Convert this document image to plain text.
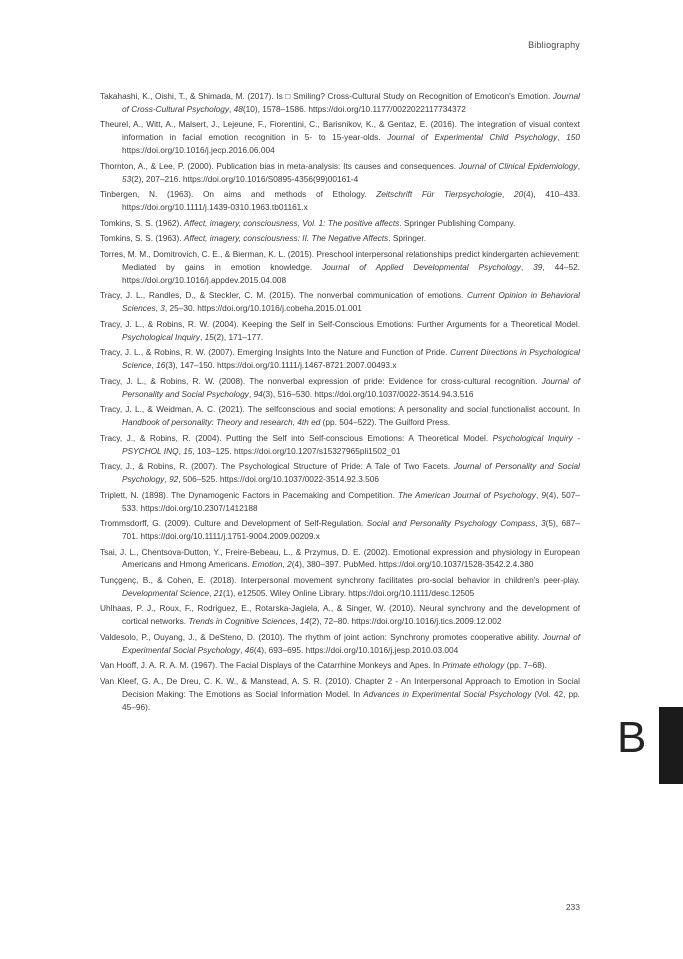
Bibliography
Takahashi, K., Oishi, T., & Shimada, M. (2017). Is □ Smiling? Cross-Cultural Study on Recognition of Emoticon's Emotion. Journal of Cross-Cultural Psychology, 48(10), 1578–1586. https://doi.org/10.1177/0022022117734372
Theurel, A., Witt, A., Malsert, J., Lejeune, F., Fiorentini, C., Barisnikov, K., & Gentaz, E. (2016). The integration of visual context information in facial emotion recognition in 5- to 15-year-olds. Journal of Experimental Child Psychology, 150 https://doi.org/10.1016/j.jecp.2016.06.004
Thornton, A., & Lee, P. (2000). Publication bias in meta-analysis: Its causes and consequences. Journal of Clinical Epidemiology, 53(2), 207–216. https://doi.org/10.1016/S0895-4356(99)00161-4
Tinbergen, N. (1963). On aims and methods of Ethology. Zeitschrift Für Tierpsychologie, 20(4), 410–433. https://doi.org/10.1111/j.1439-0310.1963.tb01161.x
Tomkins, S. S. (1962). Affect, imagery, consciousness, Vol. 1: The positive affects. Springer Publishing Company.
Tomkins, S. S. (1963). Affect, imagery, consciousness: II. The Negative Affects. Springer.
Torres, M. M., Domitrovich, C. E., & Bierman, K. L. (2015). Preschool interpersonal relationships predict kindergarten achievement: Mediated by gains in emotion knowledge. Journal of Applied Developmental Psychology, 39, 44–52. https://doi.org/10.1016/j.appdev.2015.04.008
Tracy, J. L., Randles, D., & Steckler, C. M. (2015). The nonverbal communication of emotions. Current Opinion in Behavioral Sciences, 3, 25–30. https://doi.org/10.1016/j.cobeha.2015.01.001
Tracy, J. L., & Robins, R. W. (2004). Keeping the Self in Self-Conscious Emotions: Further Arguments for a Theoretical Model. Psychological Inquiry, 15(2), 171–177.
Tracy, J. L., & Robins, R. W. (2007). Emerging Insights Into the Nature and Function of Pride. Current Directions in Psychological Science, 16(3), 147–150. https://doi.org/10.1111/j.1467-8721.2007.00493.x
Tracy, J. L., & Robins, R. W. (2008). The nonverbal expression of pride: Evidence for cross-cultural recognition. Journal of Personality and Social Psychology, 94(3), 516–530. https://doi.org/10.1037/0022-3514.94.3.516
Tracy, J. L., & Weidman, A. C. (2021). The selfconscious and social emotions: A personality and social functionalist account. In Handbook of personality: Theory and research, 4th ed (pp. 504–522). The Guilford Press.
Tracy, J., & Robins, R. (2004). Putting the Self into Self-conscious Emotions: A Theoretical Model. Psychological Inquiry - PSYCHOL INQ, 15, 103–125. https://doi.org/10.1207/s15327965pli1502_01
Tracy, J., & Robins, R. (2007). The Psychological Structure of Pride: A Tale of Two Facets. Journal of Personality and Social Psychology, 92, 506–525. https://doi.org/10.1037/0022-3514.92.3.506
Triplett, N. (1898). The Dynamogenic Factors in Pacemaking and Competition. The American Journal of Psychology, 9(4), 507–533. https://doi.org/10.2307/1412188
Trommsdorff, G. (2009). Culture and Development of Self-Regulation. Social and Personality Psychology Compass, 3(5), 687–701. https://doi.org/10.1111/j.1751-9004.2009.00209.x
Tsai, J. L., Chentsova-Dutton, Y., Freire-Bebeau, L., & Przymus, D. E. (2002). Emotional expression and physiology in European Americans and Hmong Americans. Emotion, 2(4), 380–397. PubMed. https://doi.org/10.1037/1528-3542.2.4.380
Tunçgenç, B., & Cohen, E. (2018). Interpersonal movement synchrony facilitates pro-social behavior in children's peer-play. Developmental Science, 21(1), e12505. Wiley Online Library. https://doi.org/10.1111/desc.12505
Uhlhaas, P. J., Roux, F., Rodriguez, E., Rotarska-Jagiela, A., & Singer, W. (2010). Neural synchrony and the development of cortical networks. Trends in Cognitive Sciences, 14(2), 72–80. https://doi.org/10.1016/j.tics.2009.12.002
Valdesolo, P., Ouyang, J., & DeSteno, D. (2010). The rhythm of joint action: Synchrony promotes cooperative ability. Journal of Experimental Social Psychology, 46(4), 693–695. https://doi.org/10.1016/j.jesp.2010.03.004
Van Hooff, J. A. R. A. M. (1967). The Facial Displays of the Catarrhine Monkeys and Apes. In Primate ethology (pp. 7–68).
Van Kleef, G. A., De Dreu, C. K. W., & Manstead, A. S. R. (2010). Chapter 2 - An Interpersonal Approach to Emotion in Social Decision Making: The Emotions as Social Information Model. In Advances in Experimental Social Psychology (Vol. 42, pp. 45–96).
B
233
